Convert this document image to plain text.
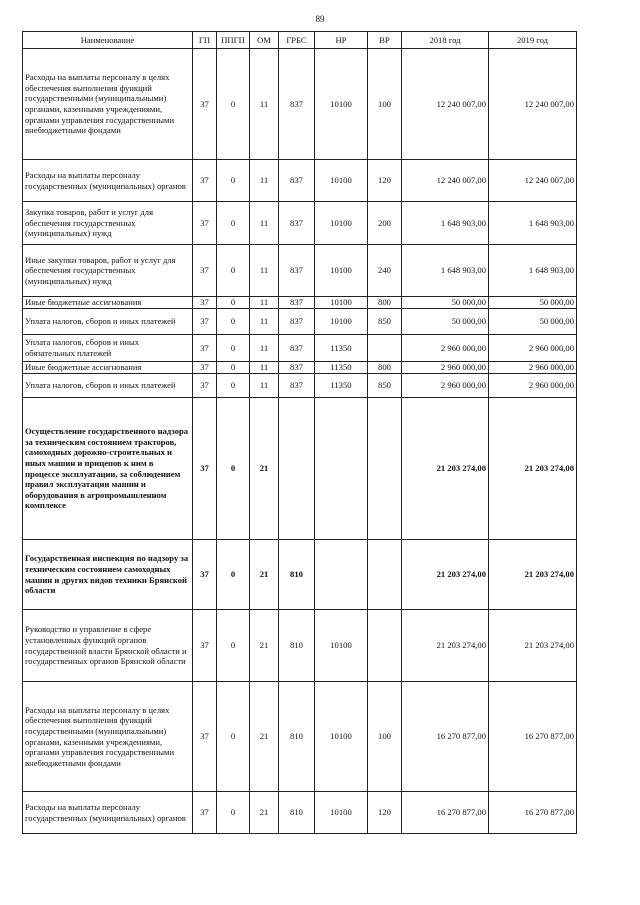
89
Наименование	ГП	ППГП	ОМ	ГРБС	НР	ВР	2018 год	2019 год
Расходы на выплаты персоналу в целях обеспечения выполнения функций государственными (муниципальными) органами, казенными учреждениями, органами управления государственными внебюджетными фондами	37	0	11	837	10100	100	12 240 007,00	12 240 007,00
Расходы на выплаты персоналу государственных (муниципальных) органов	37	0	11	837	10100	120	12 240 007,00	12 240 007,00
Закупка товаров, работ и услуг для обеспечения государственных (муниципальных) нужд	37	0	11	837	10100	200	1 648 903,00	1 648 903,00
Иные закупки товаров, работ и услуг для обеспечения государственных (муниципальных) нужд	37	0	11	837	10100	240	1 648 903,00	1 648 903,00
Иные бюджетные ассигнования	37	0	11	837	10100	800	50 000,00	50 000,00
Уплата налогов, сборов и иных платежей	37	0	11	837	10100	850	50 000,00	50 000,00
Уплата налогов, сборов и иных обязательных платежей	37	0	11	837	11350		2 960 000,00	2 960 000,00
Иные бюджетные ассигнования	37	0	11	837	11350	800	2 960 000,00	2 960 000,00
Уплата налогов, сборов и иных платежей	37	0	11	837	11350	850	2 960 000,00	2 960 000,00
Осуществление государственного надзора за техническим состоянием тракторов, самоходных дорожно-строительных и иных машин и прицепов к ним в процессе эксплуатации, за соблюдением правил эксплуатации машин и оборудования в агропромышленном комплексе	37	0	21				21 203 274,00	21 203 274,00
Государственная инспекция по надзору за техническим состоянием самоходных машин и других видов техники Брянской области	37	0	21	810			21 203 274,00	21 203 274,00
Руководство и управление в сфере установленных функций органов государственной власти Брянской области и государственных органов Брянской области	37	0	21	810	10100		21 203 274,00	21 203 274,00
Расходы на выплаты персоналу в целях обеспечения выполнения функций государственными (муниципальными) органами, казенными учреждениями, органами управления государственными внебюджетными фондами	37	0	21	810	10100	100	16 270 877,00	16 270 877,00
Расходы на выплаты персоналу государственных (муниципальных) органов	37	0	21	810	10100	120	16 270 877,00	16 270 877,00
